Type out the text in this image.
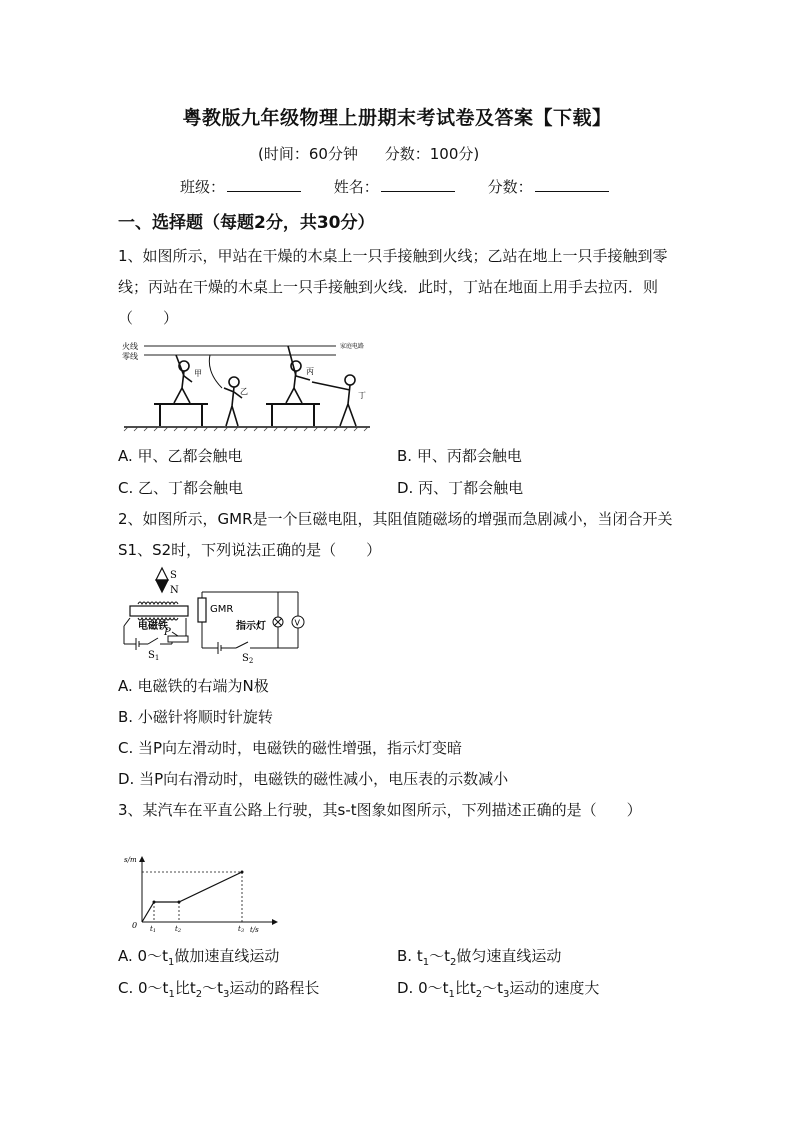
粤教版九年级物理上册期末考试卷及答案【下载】
(时间：60分钟 分数：100分)
班级：	姓名：	分数：
一、选择题（每题2分，共30分）
1、如图所示，甲站在干燥的木桌上一只手接触到火线；乙站在地上一只手接触到零线；丙站在干燥的木桌上一只手接触到火线．此时，丁站在地面上用手去拉丙．则（　　）
火线
零线
家庭电路
甲
乙
丙
丁
A. 甲、乙都会触电	B. 甲、丙都会触电
C. 乙、丁都会触电	D. 丙、丁都会触电
2、如图所示，GMR是一个巨磁电阻，其阻值随磁场的增强而急剧减小，当闭合开关S1、S2时，下列说法正确的是（　　）
S
N
电磁铁
$S_1$
P
GMR
指示灯	V
$S_2$
A. 电磁铁的右端为N极
B. 小磁针将顺时针旋转
C. 当P向左滑动时，电磁铁的磁性增强，指示灯变暗
D. 当P向右滑动时，电磁铁的磁性减小，电压表的示数减小
3、某汽车在平直公路上行驶，其s-t图象如图所示，下列描述正确的是（　　）
s/m
t/s
0 t1	t2	t3
A. $0\sim t_1$做加速直线运动	B. $t_1\sim t_2$做匀速直线运动
C. $0\sim t_1$比$t_2\sim t_3$运动的路程长	D. $0\sim t_1$比$t_2\sim t_3$运动的速度大
